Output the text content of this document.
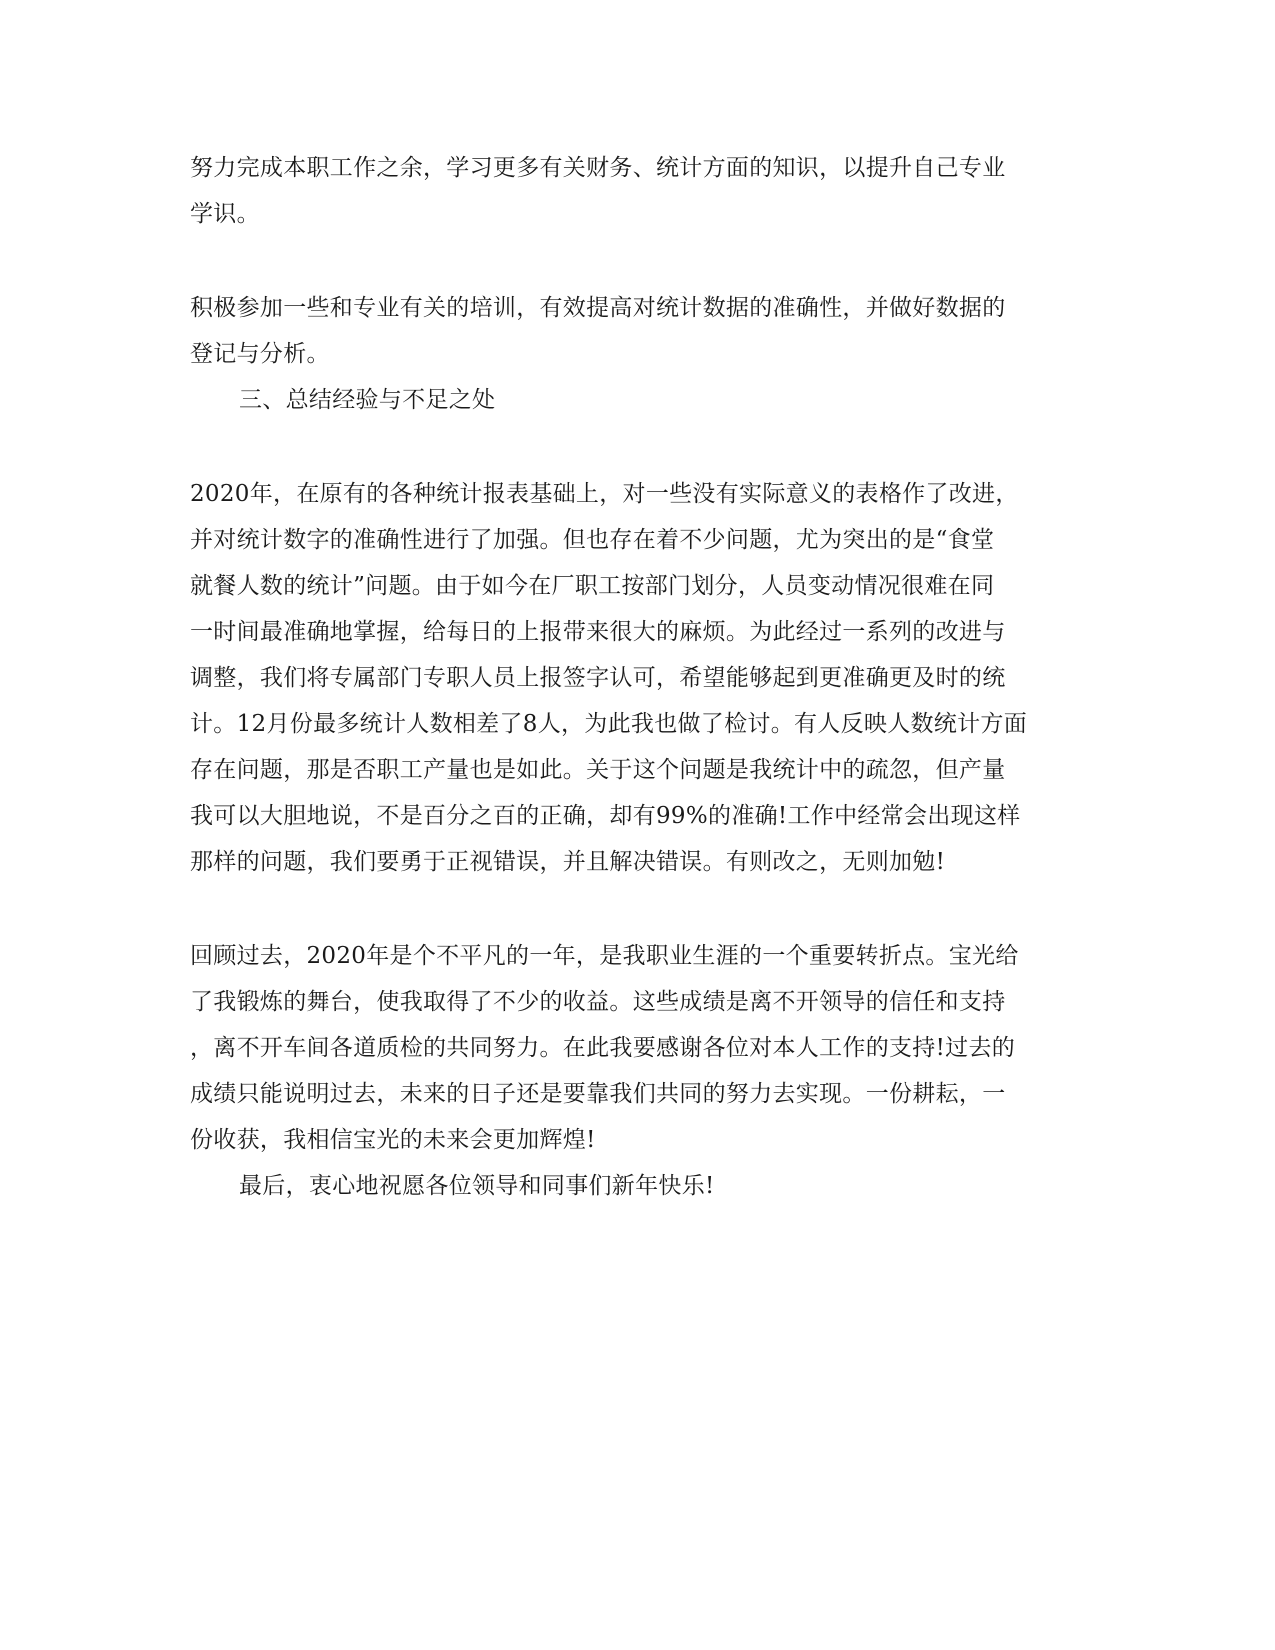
努力完成本职工作之余，学习更多有关财务、统计方面的知识，以提升自己专业
学识。
积极参加一些和专业有关的培训，有效提高对统计数据的准确性，并做好数据的
登记与分析。
三、总结经验与不足之处
2020年，在原有的各种统计报表基础上，对一些没有实际意义的表格作了改进，
并对统计数字的准确性进行了加强。但也存在着不少问题，尤为突出的是“食堂
就餐人数的统计”问题。由于如今在厂职工按部门划分，人员变动情况很难在同
一时间最准确地掌握，给每日的上报带来很大的麻烦。为此经过一系列的改进与
调整，我们将专属部门专职人员上报签字认可，希望能够起到更准确更及时的统
计。12月份最多统计人数相差了8人，为此我也做了检讨。有人反映人数统计方面
存在问题，那是否职工产量也是如此。关于这个问题是我统计中的疏忽，但产量
我可以大胆地说，不是百分之百的正确，却有99%的准确!工作中经常会出现这样
那样的问题，我们要勇于正视错误，并且解决错误。有则改之，无则加勉!
回顾过去，2020年是个不平凡的一年，是我职业生涯的一个重要转折点。宝光给
了我锻炼的舞台，使我取得了不少的收益。这些成绩是离不开领导的信任和支持
，离不开车间各道质检的共同努力。在此我要感谢各位对本人工作的支持!过去的
成绩只能说明过去，未来的日子还是要靠我们共同的努力去实现。一份耕耘，一
份收获，我相信宝光的未来会更加辉煌!
最后，衷心地祝愿各位领导和同事们新年快乐!
